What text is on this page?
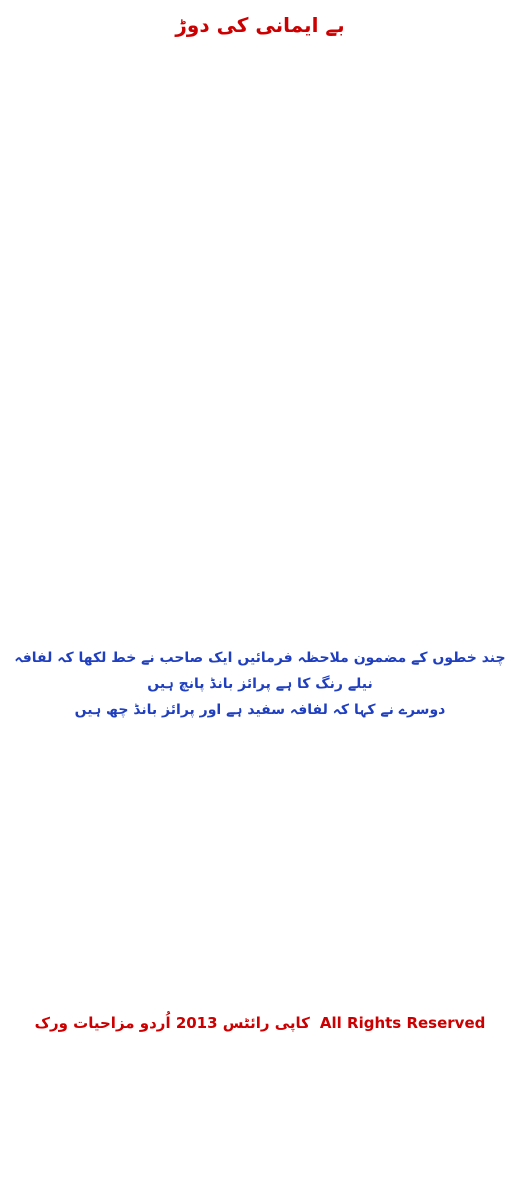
بے ایمانی کی دوڑ

چند خطوں کے مضمون ملاحظہ فرمائیں ایک صاحب نے خط لکھا کہ لفافہ نیلے رنگ کا ہے پرائز بانڈ پانچ ہیں
دوسرے نے کہا کہ لفافہ سفید ہے اور پرائز بانڈ چھ ہیں

کاپی رائٹس 2013 اُردو مزاحیات ورک All Rights Reserved
